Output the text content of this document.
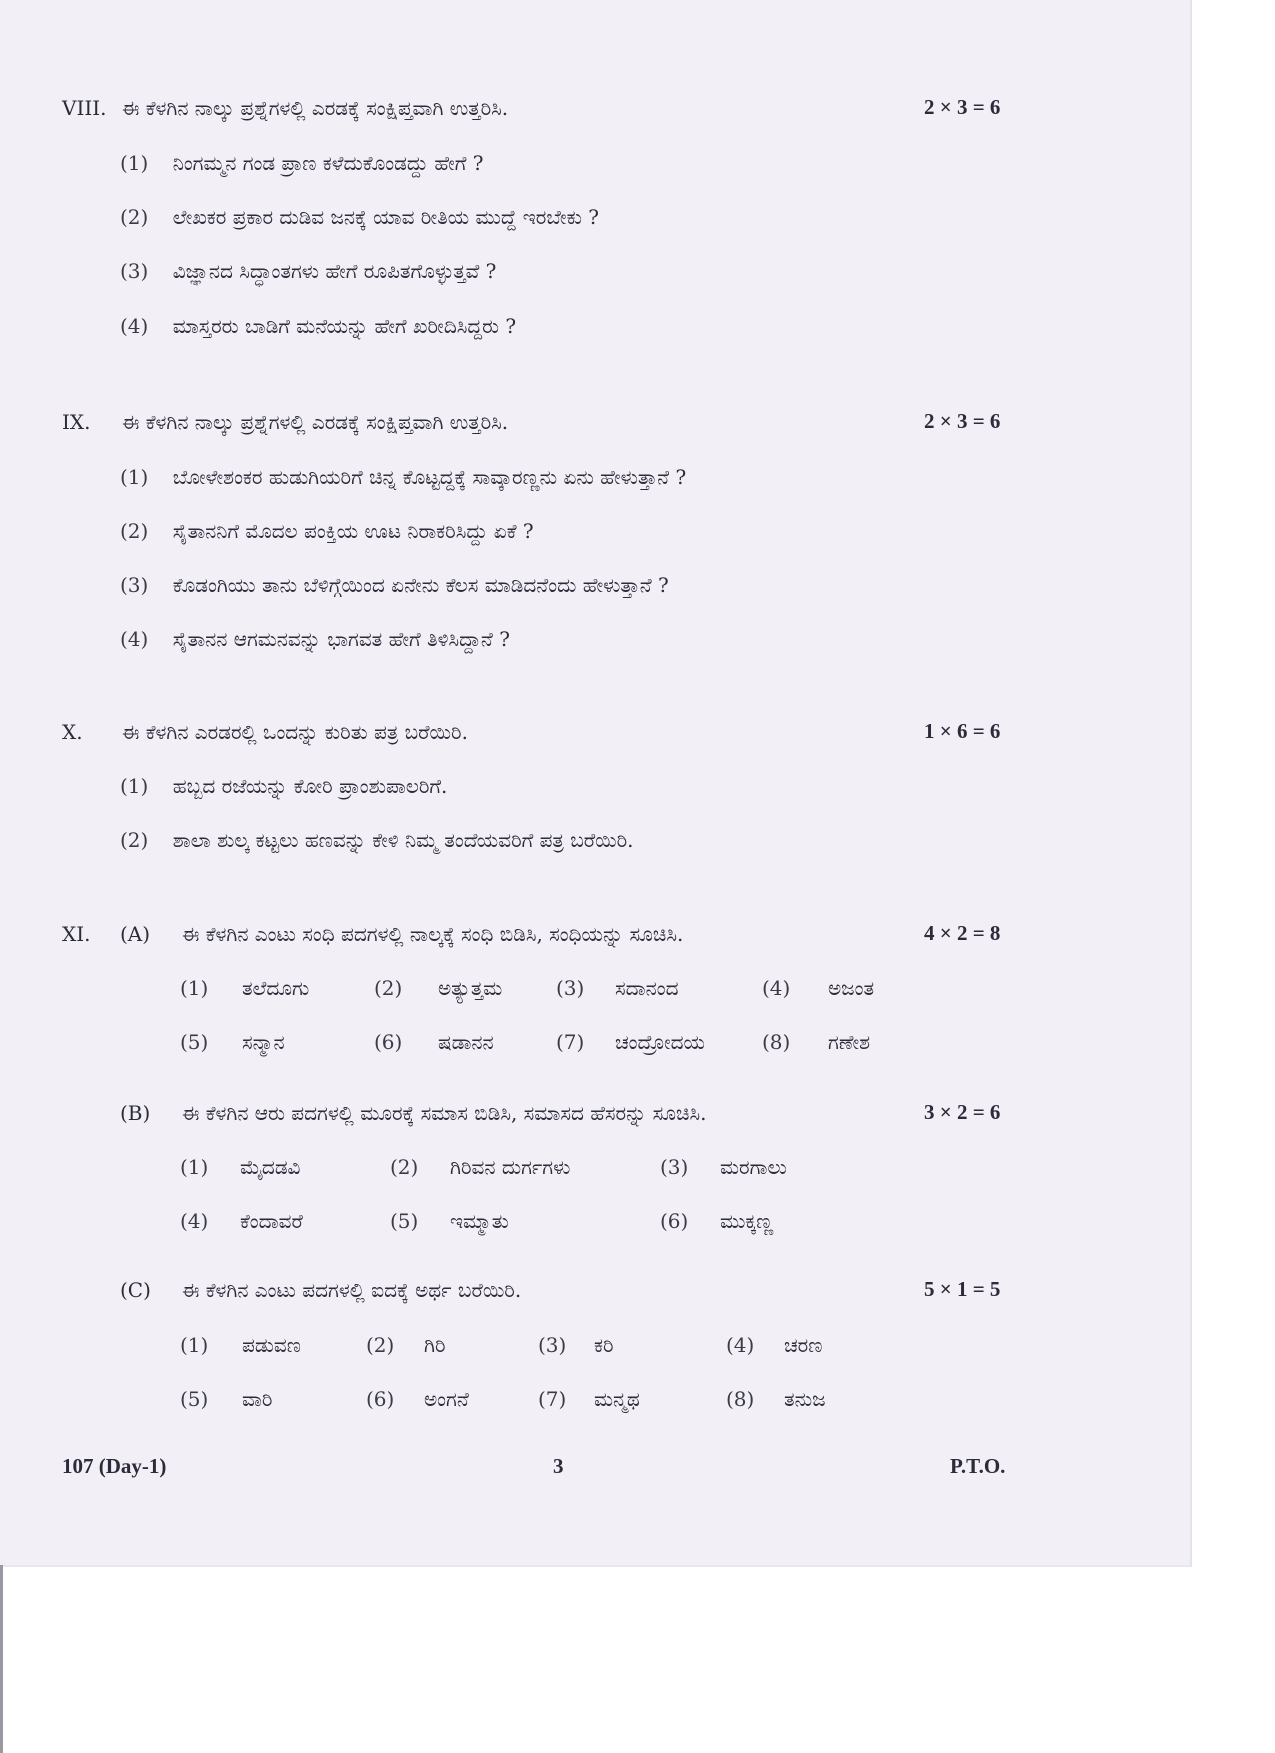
VIII. ಈ ಕೆಳಗಿನ ನಾಲ್ಕು ಪ್ರಶ್ನೆಗಳಲ್ಲಿ ಎರಡಕ್ಕೆ ಸಂಕ್ಷಿಪ್ತವಾಗಿ ಉತ್ತರಿಸಿ.	2 × 3 = 6
(1) ನಿಂಗಮ್ಮನ ಗಂಡ ಪ್ರಾಣ ಕಳೆದುಕೊಂಡದ್ದು ಹೇಗೆ ?
(2) ಲೇಖಕರ ಪ್ರಕಾರ ದುಡಿವ ಜನಕ್ಕೆ ಯಾವ ರೀತಿಯ ಮುದ್ದೆ ಇರಬೇಕು ?
(3) ವಿಜ್ಞಾನದ ಸಿದ್ಧಾಂತಗಳು ಹೇಗೆ ರೂಪಿತಗೊಳ್ಳುತ್ತವೆ ?
(4) ಮಾಸ್ತರರು ಬಾಡಿಗೆ ಮನೆಯನ್ನು ಹೇಗೆ ಖರೀದಿಸಿದ್ದರು ?
IX. ಈ ಕೆಳಗಿನ ನಾಲ್ಕು ಪ್ರಶ್ನೆಗಳಲ್ಲಿ ಎರಡಕ್ಕೆ ಸಂಕ್ಷಿಪ್ತವಾಗಿ ಉತ್ತರಿಸಿ.	2 × 3 = 6
(1) ಬೋಳೇಶಂಕರ ಹುಡುಗಿಯರಿಗೆ ಚಿನ್ನ ಕೊಟ್ಟದ್ದಕ್ಕೆ ಸಾವ್ಕಾರಣ್ಣನು ಏನು ಹೇಳುತ್ತಾನೆ ?
(2) ಸೈತಾನನಿಗೆ ಮೊದಲ ಪಂಕ್ತಿಯ ಊಟ ನಿರಾಕರಿಸಿದ್ದು ಏಕೆ ?
(3) ಕೊಡಂಗಿಯು ತಾನು ಬೆಳಿಗ್ಗೆಯಿಂದ ಏನೇನು ಕೆಲಸ ಮಾಡಿದನೆಂದು ಹೇಳುತ್ತಾನೆ ?
(4) ಸೈತಾನನ ಆಗಮನವನ್ನು ಭಾಗವತ ಹೇಗೆ ತಿಳಿಸಿದ್ದಾನೆ ?
X. ಈ ಕೆಳಗಿನ ಎರಡರಲ್ಲಿ ಒಂದನ್ನು ಕುರಿತು ಪತ್ರ ಬರೆಯಿರಿ.	1 × 6 = 6
(1) ಹಬ್ಬದ ರಜೆಯನ್ನು ಕೋರಿ ಪ್ರಾಂಶುಪಾಲರಿಗೆ.
(2) ಶಾಲಾ ಶುಲ್ಕ ಕಟ್ಟಲು ಹಣವನ್ನು ಕೇಳಿ ನಿಮ್ಮ ತಂದೆಯವರಿಗೆ ಪತ್ರ ಬರೆಯಿರಿ.
XI. (A) ಈ ಕೆಳಗಿನ ಎಂಟು ಸಂಧಿ ಪದಗಳಲ್ಲಿ ನಾಲ್ಕಕ್ಕೆ ಸಂಧಿ ಬಿಡಿಸಿ, ಸಂಧಿಯನ್ನು ಸೂಚಿಸಿ.	4 × 2 = 8
(1) ತಲೆದೂಗು	(2) ಅತ್ಯುತ್ತಮ	(3) ಸದಾನಂದ	(4) ಅಜಂತ
(5) ಸನ್ಮಾನ	(6) ಷಡಾನನ	(7) ಚಂದ್ರೋದಯ	(8) ಗಣೇಶ
(B) ಈ ಕೆಳಗಿನ ಆರು ಪದಗಳಲ್ಲಿ ಮೂರಕ್ಕೆ ಸಮಾಸ ಬಿಡಿಸಿ, ಸಮಾಸದ ಹೆಸರನ್ನು ಸೂಚಿಸಿ.	3 × 2 = 6
(1) ಮೈದಡವಿ	(2) ಗಿರಿವನ ದುರ್ಗಗಳು	(3) ಮರಗಾಲು
(4) ಕೆಂದಾವರೆ	(5) ಇಮ್ಮಾತು	(6) ಮುಕ್ಕಣ್ಣ
(C) ಈ ಕೆಳಗಿನ ಎಂಟು ಪದಗಳಲ್ಲಿ ಐದಕ್ಕೆ ಅರ್ಥ ಬರೆಯಿರಿ.	5 × 1 = 5
(1) ಪಡುವಣ	(2) ಗಿರಿ	(3) ಕರಿ	(4) ಚರಣ
(5) ವಾರಿ	(6) ಅಂಗನೆ	(7) ಮನ್ಮಥ	(8) ತನುಜ
107 (Day-1)	3	P.T.O.
